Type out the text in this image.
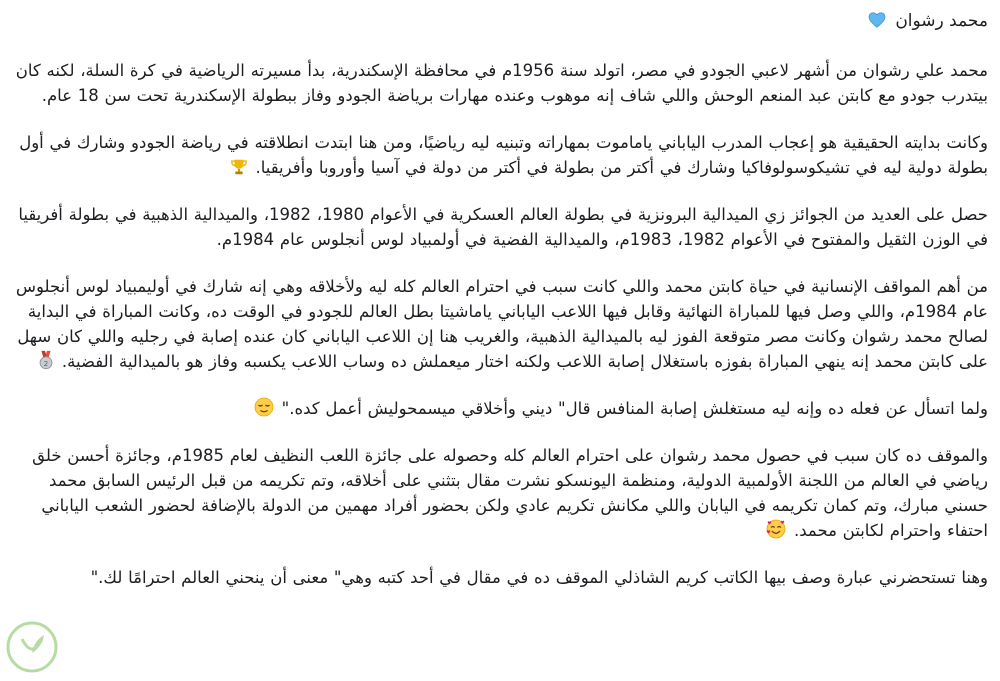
محمد رشوان

محمد علي رشوان من أشهر لاعبي الجودو في مصر، اتولد سنة 1956م في محافظة الإسكندرية، بدأ مسيرته الرياضية في كرة السلة، لكنه كان بيتدرب جودو مع كابتن عبد المنعم الوحش واللي شاف إنه موهوب وعنده مهارات برياضة الجودو وفاز ببطولة الإسكندرية تحت سن 18 عام.

وكانت بدايته الحقيقية هو إعجاب المدرب الياباني ياماموت بمهاراته وتبنيه ليه رياضيًا، ومن هنا ابتدت انطلاقته في رياضة الجودو وشارك في أول بطولة دولية ليه في تشيكوسولوفاكيا وشارك في أكتر من بطولة في أكتر من دولة في آسيا وأوروبا وأفريقيا.

حصل على العديد من الجوائز زي الميدالية البرونزية في بطولة العالم العسكرية في الأعوام 1980، 1982، والميدالية الذهبية في بطولة أفريقيا في الوزن الثقيل والمفتوح في الأعوام 1982، 1983م، والميدالية الفضية في أولمبياد لوس أنجلوس عام 1984م.

من أهم المواقف الإنسانية في حياة كابتن محمد واللي كانت سبب في احترام العالم كله ليه ولأخلاقه وهي إنه شارك في أوليمبياد لوس أنجلوس عام 1984م، واللي وصل فيها للمباراة النهائية وقابل فيها اللاعب الياباني ياماشيتا بطل العالم للجودو في الوقت ده، وكانت المباراة في البداية لصالح محمد رشوان وكانت مصر متوقعة الفوز ليه بالميدالية الذهبية، والغريب هنا إن اللاعب الياباني كان عنده إصابة في رجليه واللي كان سهل على كابتن محمد إنه ينهي المباراة بفوزه باستغلال إصابة اللاعب ولكنه اختار ميعملش ده وساب اللاعب يكسبه وفاز هو بالميدالية الفضية.
2

ولما اتسأل عن فعله ده وإنه ليه مستغلش إصابة المنافس قال" ديني وأخلاقي ميسمحوليش أعمل كده."

والموقف ده كان سبب في حصول محمد رشوان على احترام العالم كله وحصوله على جائزة اللعب النظيف لعام 1985م، وجائزة أحسن خلق رياضي في العالم من اللجنة الأولمبية الدولية، ومنظمة اليونسكو نشرت مقال بتثني على أخلاقه، وتم تكريمه من قبل الرئيس السابق محمد حسني مبارك، وتم كمان تكريمه في اليابان واللي مكانش تكريم عادي ولكن بحضور أفراد مهمين من الدولة بالإضافة لحضور الشعب الياباني احتفاء واحترام لكابتن محمد.

وهنا تستحضرني عبارة وصف بيها الكاتب كريم الشاذلي الموقف ده في مقال في أحد كتبه وهي" معنى أن ينحني العالم احترامًا لك."
